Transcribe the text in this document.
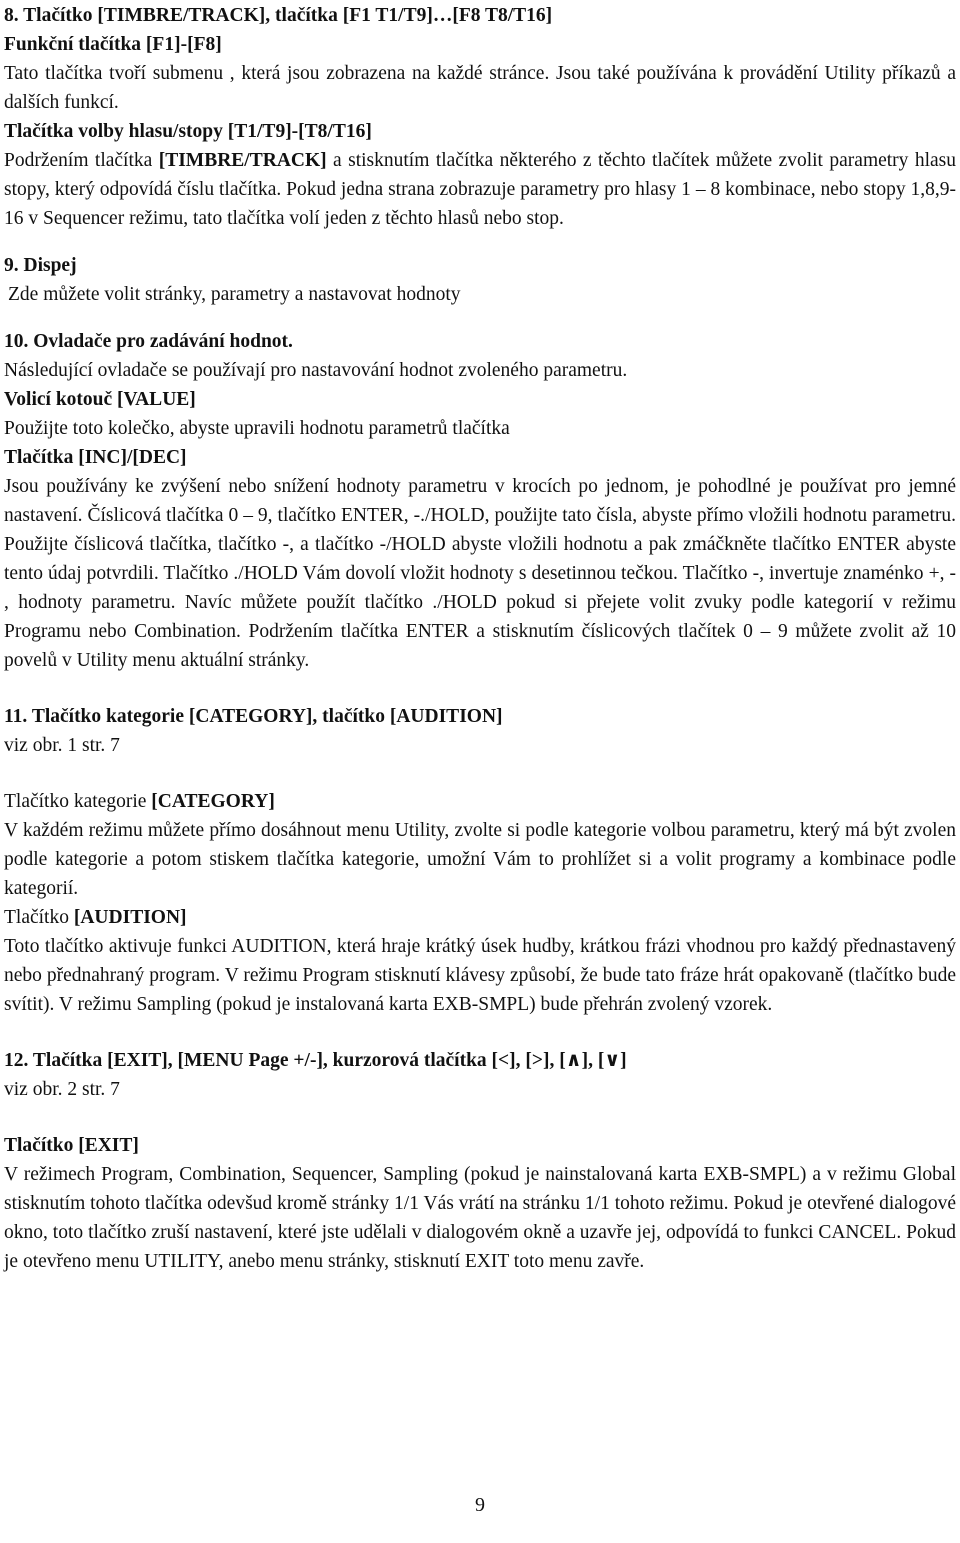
8. Tlačítko [TIMBRE/TRACK], tlačítka [F1 T1/T9]…[F8 T8/T16]

Funkční tlačítka [F1]-[F8]

Tato tlačítka tvoří submenu , která jsou zobrazena na každé stránce. Jsou také používána k provádění Utility příkazů a dalších funkcí.

Tlačítka volby hlasu/stopy [T1/T9]-[T8/T16]

Podržením tlačítka [TIMBRE/TRACK] a stisknutím tlačítka některého z těchto tlačítek můžete zvolit parametry hlasu stopy, který odpovídá číslu tlačítka. Pokud jedna strana zobrazuje parametry pro hlasy 1 – 8 kombinace, nebo stopy 1,8,9-16 v Sequencer režimu, tato tlačítka volí jeden z těchto hlasů nebo stop.

9. Dispej

Zde můžete volit stránky, parametry a nastavovat hodnoty

10. Ovladače pro zadávání hodnot.

Následující ovladače se používají pro nastavování hodnot zvoleného parametru.

Volicí kotouč [VALUE]

Použijte toto kolečko, abyste upravili hodnotu parametrů tlačítka

Tlačítka [INC]/[DEC]

Jsou používány ke zvýšení nebo snížení hodnoty parametru v krocích po jednom, je pohodlné je používat pro jemné nastavení. Číslicová tlačítka 0 – 9, tlačítko ENTER, -./HOLD, použijte tato čísla, abyste přímo vložili hodnotu parametru. Použijte číslicová tlačítka, tlačítko -, a tlačítko -/HOLD abyste vložili hodnotu a pak zmáčkněte tlačítko ENTER abyste tento údaj potvrdili. Tlačítko ./HOLD Vám dovolí vložit hodnoty s desetinnou tečkou. Tlačítko -, invertuje znaménko +, - , hodnoty parametru. Navíc můžete použít tlačítko ./HOLD pokud si přejete volit zvuky podle kategorií v režimu Programu nebo Combination. Podržením tlačítka ENTER a stisknutím číslicových tlačítek 0 – 9 můžete zvolit až 10 povelů v Utility menu aktuální stránky.

11. Tlačítko kategorie [CATEGORY], tlačítko [AUDITION]

viz obr. 1 str. 7

Tlačítko kategorie [CATEGORY]

V každém režimu můžete přímo dosáhnout menu Utility, zvolte si podle kategorie volbou parametru, který má být zvolen podle kategorie a potom stiskem tlačítka kategorie, umožní Vám to prohlížet si a volit programy a kombinace podle kategorií.

Tlačítko [AUDITION]

Toto tlačítko aktivuje funkci AUDITION, která hraje krátký úsek hudby, krátkou frázi vhodnou pro každý přednastavený nebo přednahraný program. V režimu Program stisknutí klávesy způsobí, že bude tato fráze hrát opakovaně (tlačítko bude svítit). V režimu Sampling (pokud je instalovaná karta EXB-SMPL) bude přehrán zvolený vzorek.

12. Tlačítka [EXIT], [MENU Page +/-], kurzorová tlačítka [<], [>], [∧], [∨]

viz obr. 2 str. 7

Tlačítko [EXIT]

V režimech Program, Combination, Sequencer, Sampling (pokud je nainstalovaná karta EXB-SMPL) a v režimu Global stisknutím tohoto tlačítka odevšud kromě stránky 1/1 Vás vrátí na stránku 1/1 tohoto režimu. Pokud je otevřené dialogové okno, toto tlačítko zruší nastavení, které jste udělali v dialogovém okně a uzavře jej, odpovídá to funkci CANCEL. Pokud je otevřeno menu UTILITY, anebo menu stránky, stisknutí EXIT toto menu zavře.

9
